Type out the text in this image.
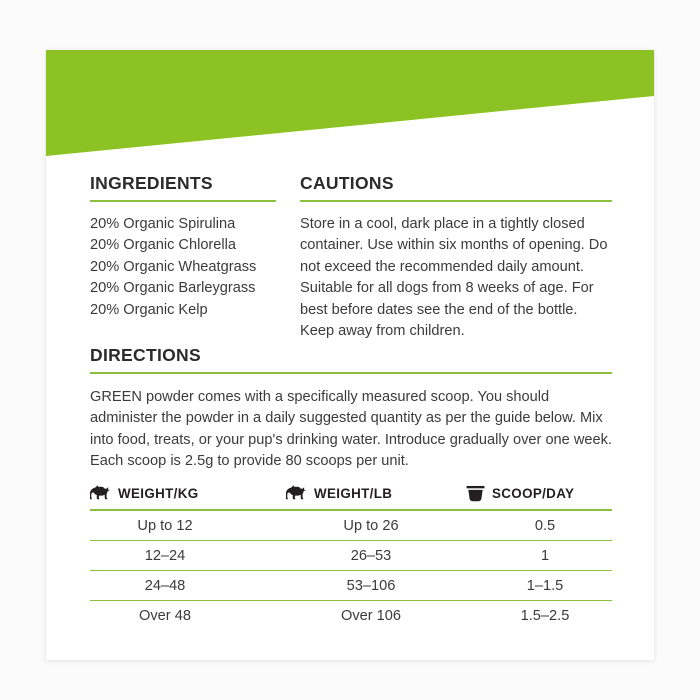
INGREDIENTS
20% Organic Spirulina
20% Organic Chlorella
20% Organic Wheatgrass
20% Organic Barleygrass
20% Organic Kelp
CAUTIONS

Store in a cool, dark place in a tightly closed container. Use within six months of opening. Do not exceed the recommended daily amount. Suitable for all dogs from 8 weeks of age. For best before dates see the end of the bottle. Keep away from children.

DIRECTIONS

GREEN powder comes with a specifically measured scoop. You should administer the powder in a daily suggested quantity as per the guide below. Mix into food, treats, or your pup's drinking water. Introduce gradually over one week. Each scoop is 2.5g to provide 80 scoops per unit.

WEIGHT/KG	WEIGHT/LB	SCOOP/DAY

Up to 12	Up to 26	0.5
12–24	26–53	1
24–48	53–106	1–1.5
Over 48	Over 106	1.5–2.5
